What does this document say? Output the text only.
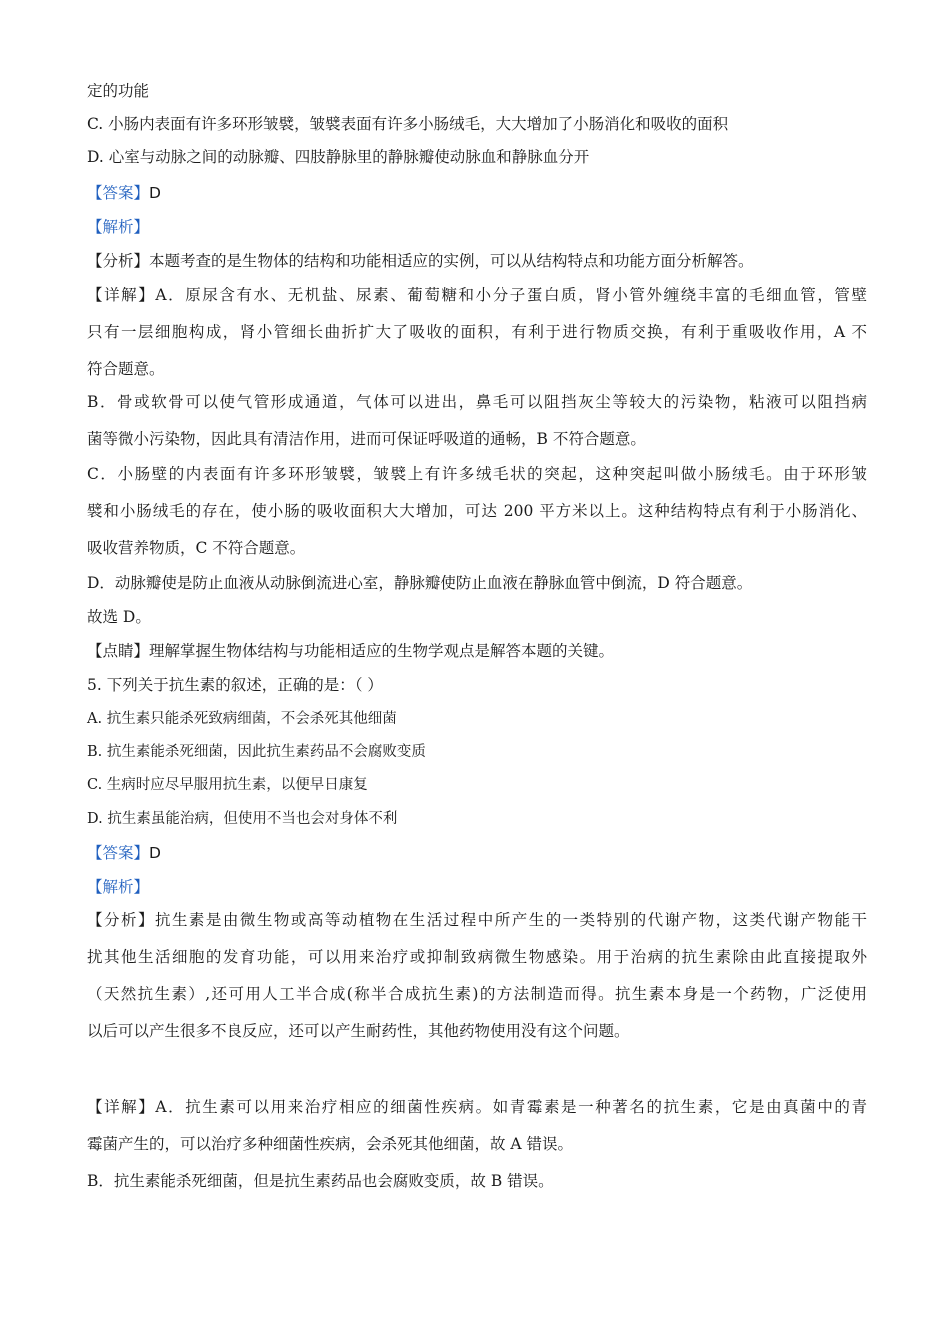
定的功能
C. 小肠内表面有许多环形皱襞，皱襞表面有许多小肠绒毛，大大增加了小肠消化和吸收的面积
D. 心室与动脉之间的动脉瓣、四肢静脉里的静脉瓣使动脉血和静脉血分开
【答案】D
【解析】
【分析】本题考查的是生物体的结构和功能相适应的实例，可以从结构特点和功能方面分析解答。
【详解】A．原尿含有水、无机盐、尿素、葡萄糖和小分子蛋白质，肾小管外缠绕丰富的毛细血管，管壁
只有一层细胞构成，肾小管细长曲折扩大了吸收的面积，有利于进行物质交换，有利于重吸收作用，A 不
符合题意。
B．骨或软骨可以使气管形成通道，气体可以进出，鼻毛可以阻挡灰尘等较大的污染物，粘液可以阻挡病
菌等微小污染物，因此具有清洁作用，进而可保证呼吸道的通畅，B 不符合题意。
C．小肠壁的内表面有许多环形皱襞，皱襞上有许多绒毛状的突起，这种突起叫做小肠绒毛。由于环形皱
襞和小肠绒毛的存在，使小肠的吸收面积大大增加，可达 200 平方米以上。这种结构特点有利于小肠消化、
吸收营养物质，C 不符合题意。
D．动脉瓣使是防止血液从动脉倒流进心室，静脉瓣使防止血液在静脉血管中倒流，D 符合题意。
故选 D。
【点睛】理解掌握生物体结构与功能相适应的生物学观点是解答本题的关键。
5. 下列关于抗生素的叙述，正确的是：（ ）
A. 抗生素只能杀死致病细菌，不会杀死其他细菌
B. 抗生素能杀死细菌，因此抗生素药品不会腐败变质
C. 生病时应尽早服用抗生素，以便早日康复
D. 抗生素虽能治病，但使用不当也会对身体不利
【答案】D
【解析】
【分析】抗生素是由微生物或高等动植物在生活过程中所产生的一类特别的代谢产物，这类代谢产物能干
扰其他生活细胞的发育功能，可以用来治疗或抑制致病微生物感染。用于治病的抗生素除由此直接提取外
（天然抗生素）,还可用人工半合成(称半合成抗生素)的方法制造而得。抗生素本身是一个药物，广泛使用
以后可以产生很多不良反应，还可以产生耐药性，其他药物使用没有这个问题。
【详解】A．抗生素可以用来治疗相应的细菌性疾病。如青霉素是一种著名的抗生素，它是由真菌中的青
霉菌产生的，可以治疗多种细菌性疾病，会杀死其他细菌，故 A 错误。
B．抗生素能杀死细菌，但是抗生素药品也会腐败变质，故 B 错误。
